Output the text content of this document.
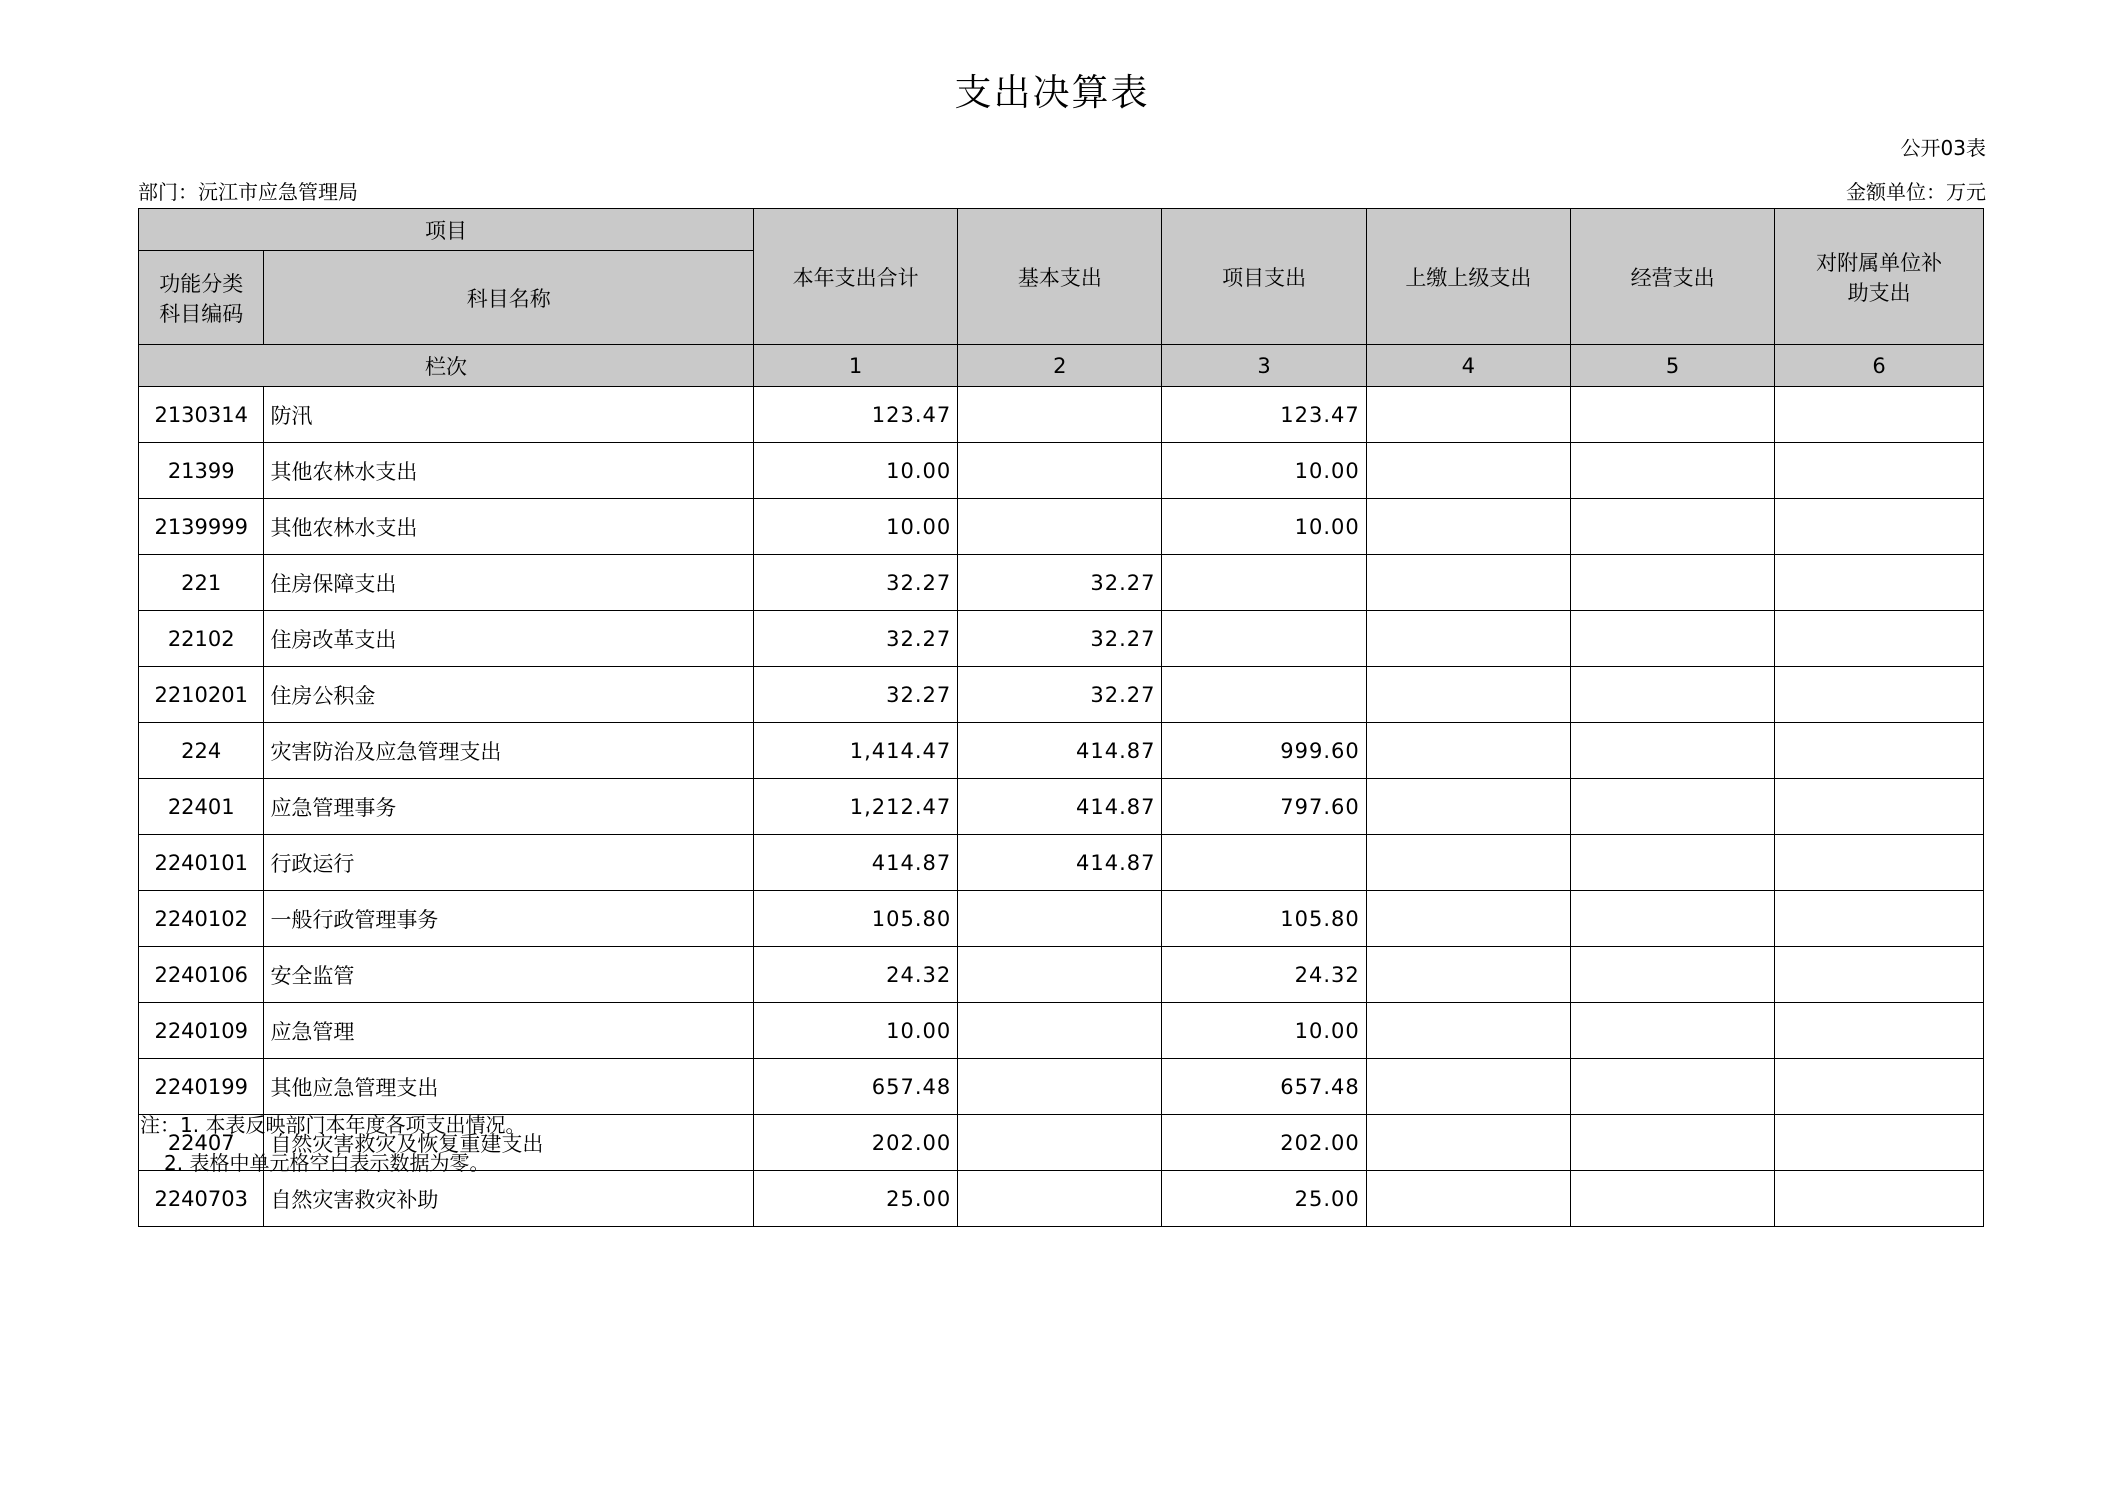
支出决算表
公开03表
部门：沅江市应急管理局	金额单位：万元
项目		本年支出合计	基本支出	项目支出	上缴上级支出	经营支出	对附属单位补
助支出

功能分类
科目编码	科目名称						
栏次		1	2	3	4	5	6
2130314	防汛	123.47		123.47			
21399	其他农林水支出	10.00		10.00			
2139999	其他农林水支出	10.00		10.00			
221	住房保障支出	32.27	32.27				
22102	住房改革支出	32.27	32.27				
2210201	住房公积金	32.27	32.27				
224	灾害防治及应急管理支出	1,414.47	414.87	999.60			
22401	应急管理事务	1,212.47	414.87	797.60			
2240101	行政运行	414.87	414.87				
2240102	一般行政管理事务	105.80		105.80			
2240106	安全监管	24.32		24.32			
2240109	应急管理	10.00		10.00			
2240199	其他应急管理支出	657.48		657.48			
22407	自然灾害救灾及恢复重建支出	202.00		202.00			
2240703	自然灾害救灾补助	25.00		25.00			
注：1. 本表反映部门本年度各项支出情况。
2. 表格中单元格空白表示数据为零。
